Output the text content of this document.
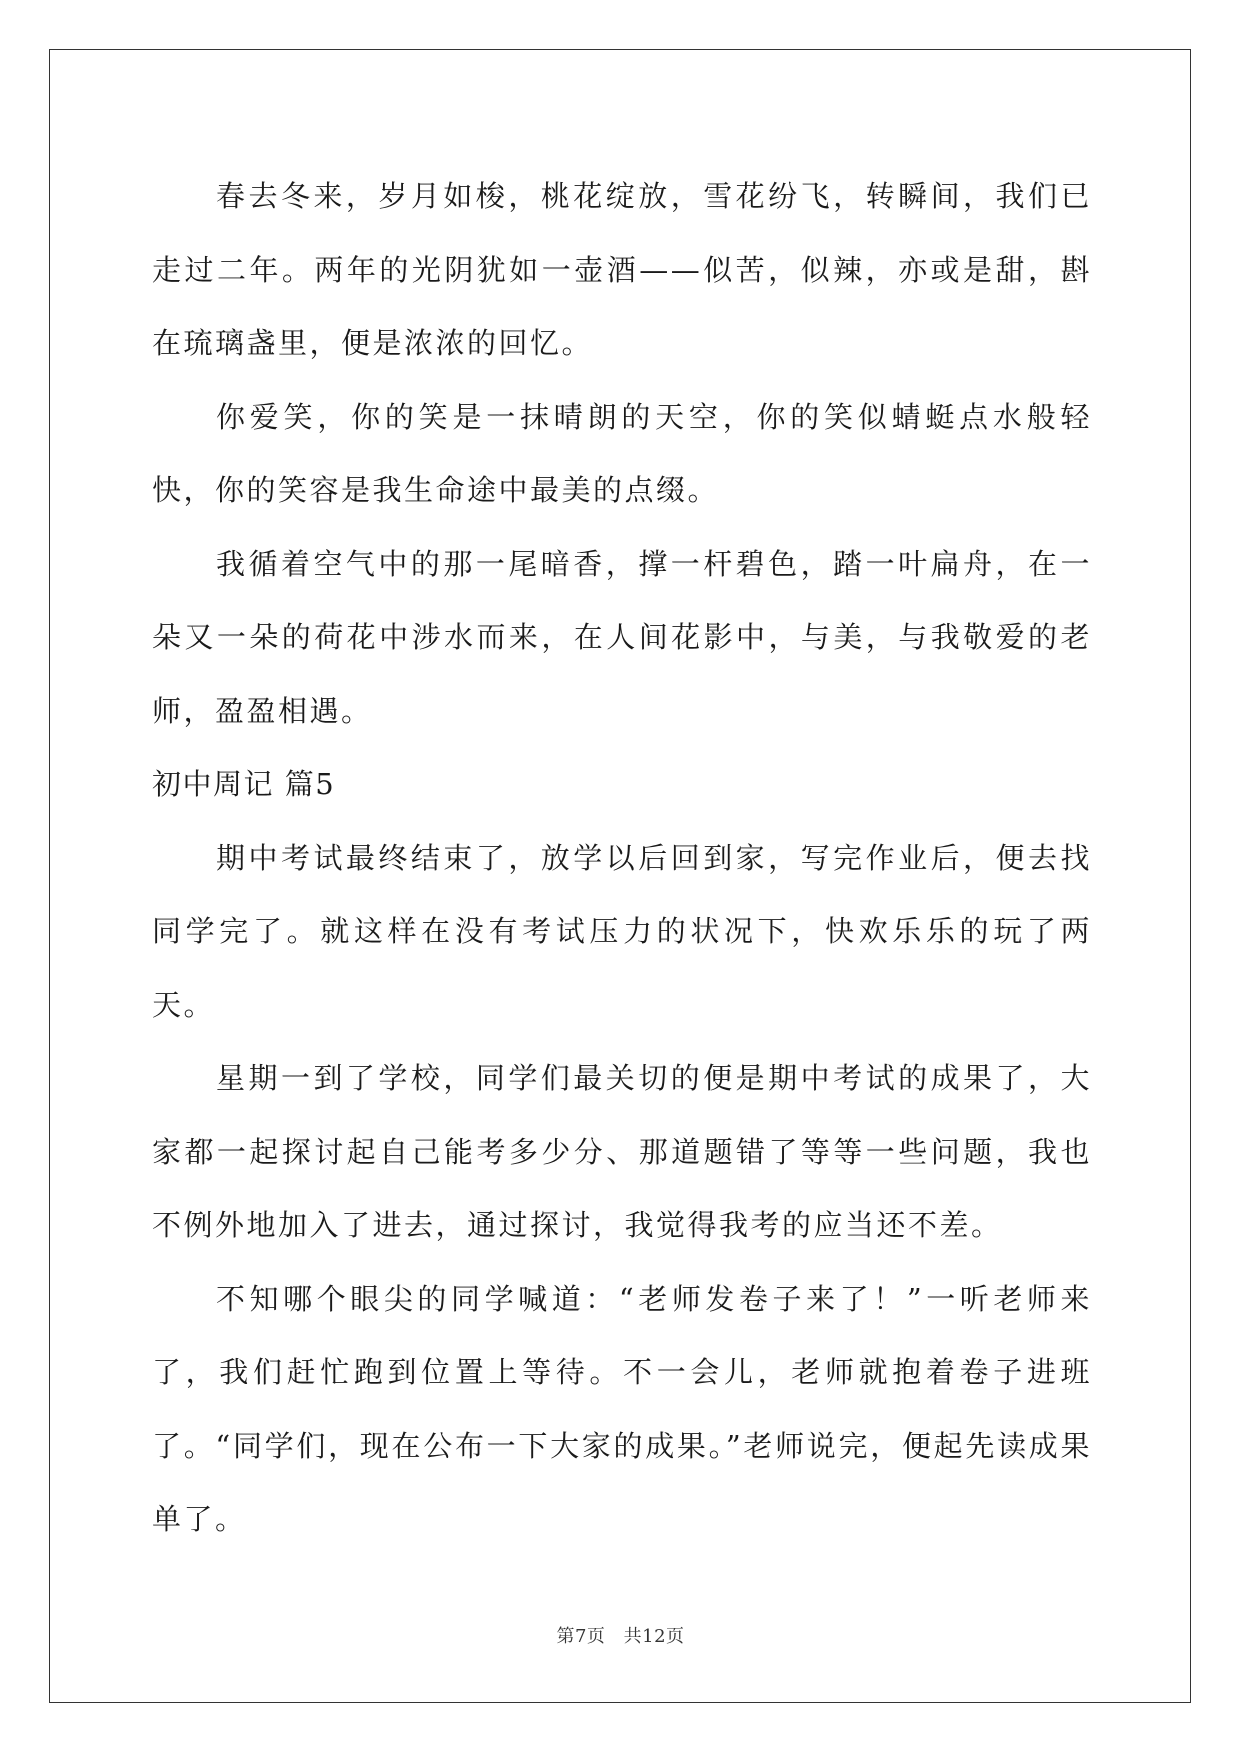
春去冬来，岁月如梭，桃花绽放，雪花纷飞，转瞬间，我们已走过二年。两年的光阴犹如一壶酒——似苦，似辣，亦或是甜，斟在琉璃盏里，便是浓浓的回忆。

你爱笑，你的笑是一抹晴朗的天空，你的笑似蜻蜓点水般轻快，你的笑容是我生命途中最美的点缀。

我循着空气中的那一尾暗香，撑一杆碧色，踏一叶扁舟，在一朵又一朵的荷花中涉水而来，在人间花影中，与美，与我敬爱的老师，盈盈相遇。

初中周记 篇5

期中考试最终结束了，放学以后回到家，写完作业后，便去找同学完了。就这样在没有考试压力的状况下，快欢乐乐的玩了两天。

星期一到了学校，同学们最关切的便是期中考试的成果了，大家都一起探讨起自己能考多少分、那道题错了等等一些问题，我也不例外地加入了进去，通过探讨，我觉得我考的应当还不差。

不知哪个眼尖的同学喊道：“老师发卷子来了！”一听老师来了，我们赶忙跑到位置上等待。不一会儿，老师就抱着卷子进班了。“同学们，现在公布一下大家的成果。”老师说完，便起先读成果单了。

第7页 共12页
